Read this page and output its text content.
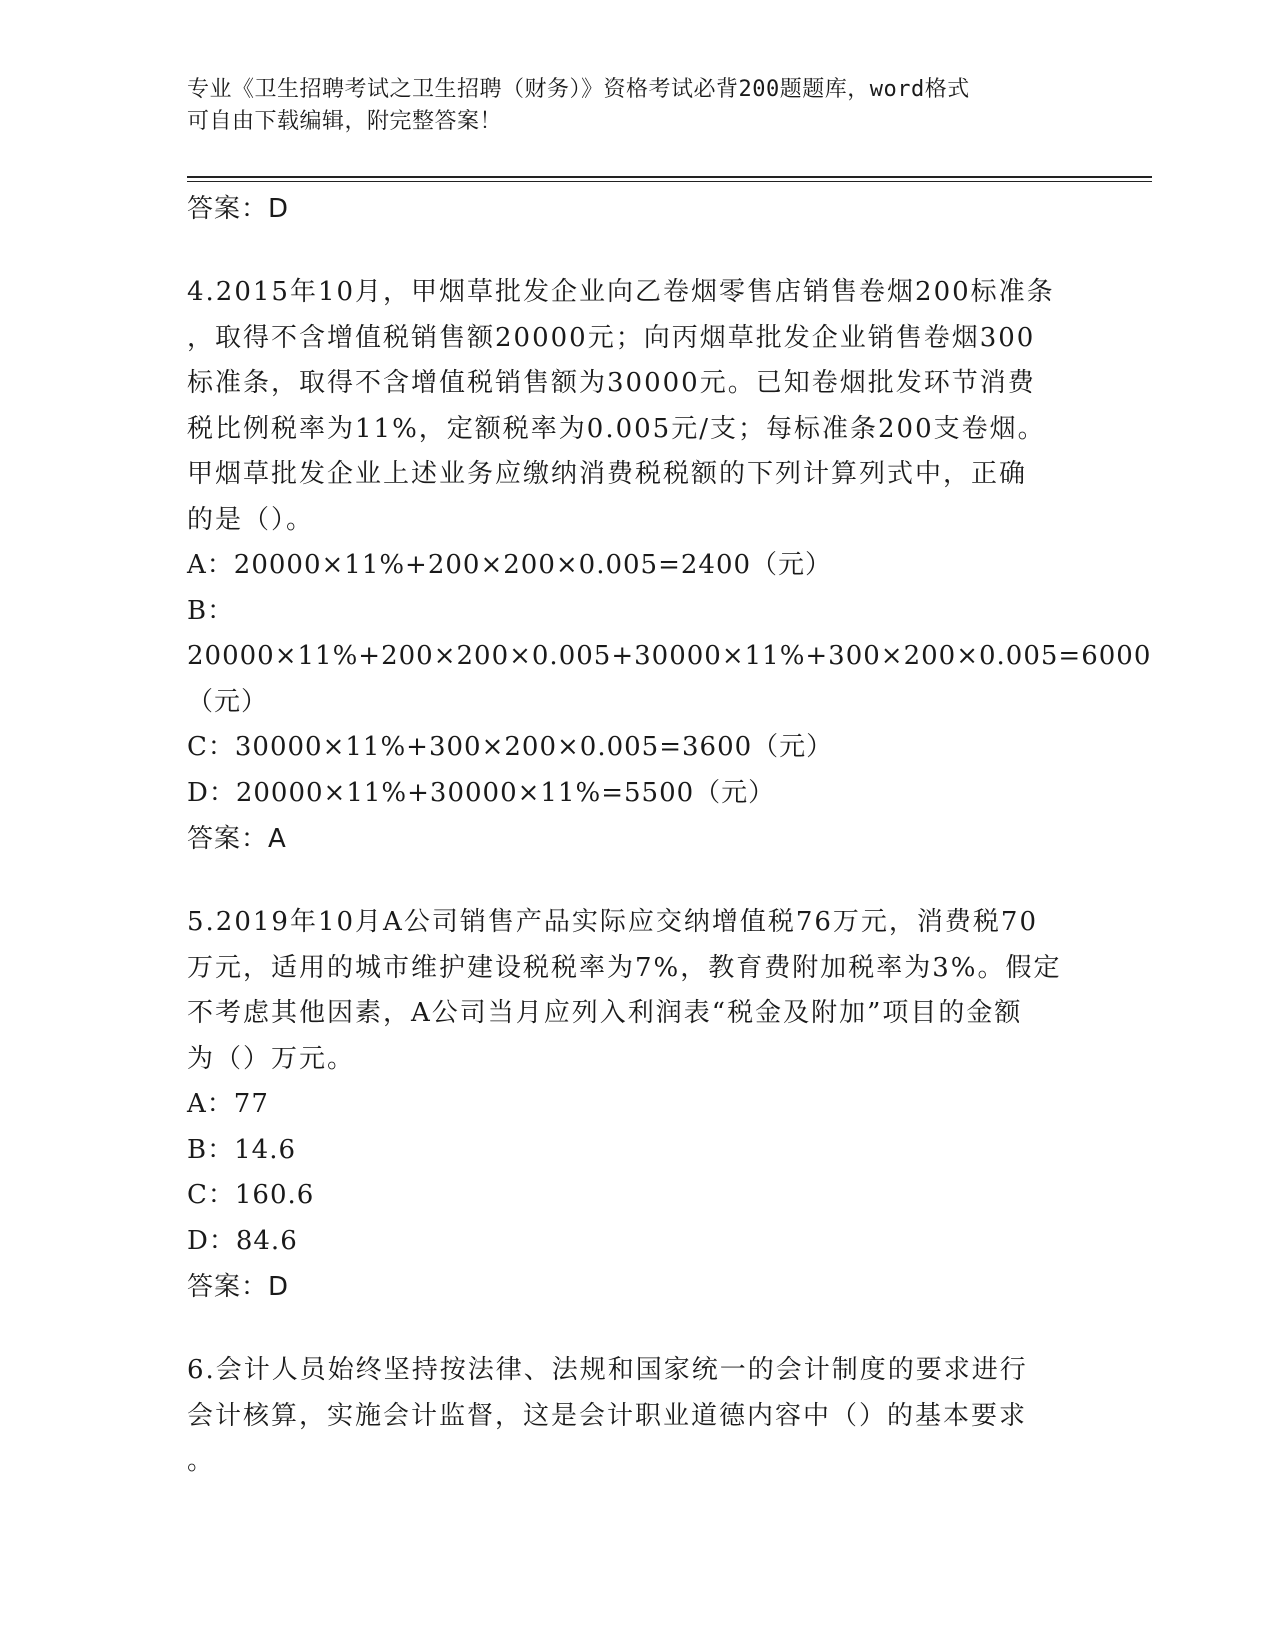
专业《卫生招聘考试之卫生招聘（财务）》资格考试必背200题题库，word格式
可自由下载编辑，附完整答案！
答案：D

4.2015年10月，甲烟草批发企业向乙卷烟零售店销售卷烟200标准条

，取得不含增值税销售额20000元；向丙烟草批发企业销售卷烟300

标准条，取得不含增值税销售额为30000元。已知卷烟批发环节消费

税比例税率为11%，定额税率为0.005元/支；每标准条200支卷烟。

甲烟草批发企业上述业务应缴纳消费税税额的下列计算列式中，正确

的是（）。

A：20000×11%+200×200×0.005=2400（元）

B：20000×11%+200×200×0.005+30000×11%+300×200×0.005=6000

（元）

C：30000×11%+300×200×0.005=3600（元）

D：20000×11%+30000×11%=5500（元）

答案：A

5.2019年10月A公司销售产品实际应交纳增值税76万元，消费税70

万元，适用的城市维护建设税税率为7%，教育费附加税率为3%。假定

不考虑其他因素，A公司当月应列入利润表“税金及附加”项目的金额

为（）万元。

A：77

B：14.6

C：160.6

D：84.6

答案：D

6.会计人员始终坚持按法律、法规和国家统一的会计制度的要求进行

会计核算，实施会计监督，这是会计职业道德内容中（）的基本要求

。
